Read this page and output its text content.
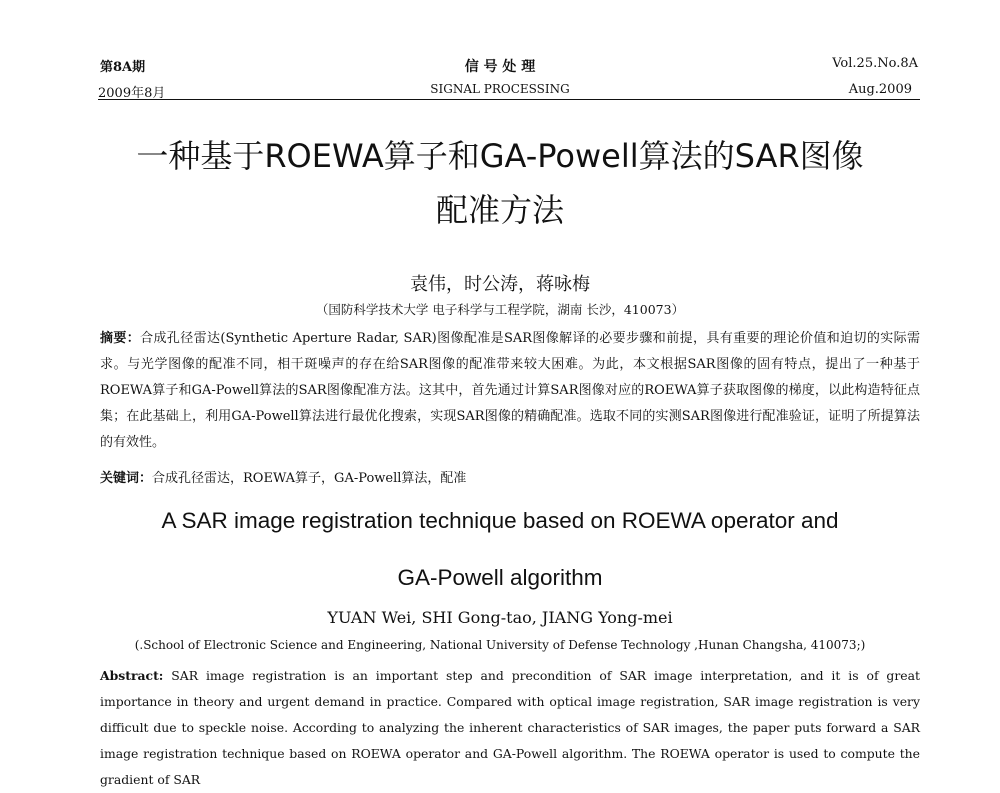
第8A期
2009年8月
信 号 处 理
SIGNAL PROCESSING
Vol.25.No.8A
Aug.2009
一种基于ROEWA算子和GA-Powell算法的SAR图像
配准方法
袁伟，时公涛，蒋咏梅
（国防科学技术大学 电子科学与工程学院，湖南 长沙，410073）

摘要：合成孔径雷达(Synthetic Aperture Radar, SAR)图像配准是SAR图像解译的必要步骤和前提，具有重要的理论价值和迫切的实际需求。与光学图像的配准不同，相干斑噪声的存在给SAR图像的配准带来较大困难。为此，本文根据SAR图像的固有特点，提出了一种基于ROEWA算子和GA-Powell算法的SAR图像配准方法。这其中，首先通过计算SAR图像对应的ROEWA算子获取图像的梯度，以此构造特征点集；在此基础上，利用GA-Powell算法进行最优化搜索，实现SAR图像的精确配准。选取不同的实测SAR图像进行配准验证，证明了所提算法的有效性。

关键词：合成孔径雷达，ROEWA算子，GA-Powell算法，配准

A SAR image registration technique based on ROEWA operator and
GA-Powell algorithm
YUAN Wei, SHI Gong-tao, JIANG Yong-mei
(.School of Electronic Science and Engineering, National University of Defense Technology ,Hunan Changsha, 410073;)

Abstract: SAR image registration is an important step and precondition of SAR image interpretation, and it is of great importance in theory and urgent demand in practice. Compared with optical image registration, SAR image registration is very difficult due to speckle noise. According to analyzing the inherent characteristics of SAR images, the paper puts forward a SAR image registration technique based on ROEWA operator and GA-Powell algorithm. The ROEWA operator is used to compute the gradient of SAR
